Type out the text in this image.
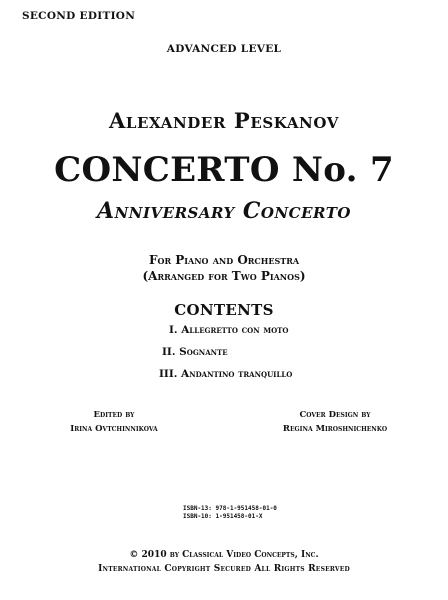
SECOND EDITION
ADVANCED LEVEL
Alexander Peskanov
CONCERTO No. 7
Anniversary Concerto
For Piano and Orchestra
(Arranged for Two Pianos)
CONTENTS
I. Allegretto con moto
II. Sognante
III. Andantino tranquillo
Edited by
Irina Ovtchinnikova
Cover Design by
Regina Miroshnichenko
ISBN-13: 978-1-951458-01-0
ISBN-10: 1-951458-01-X
© 2010 by Classical Video Concepts, Inc.
International Copyright Secured All Rights Reserved
